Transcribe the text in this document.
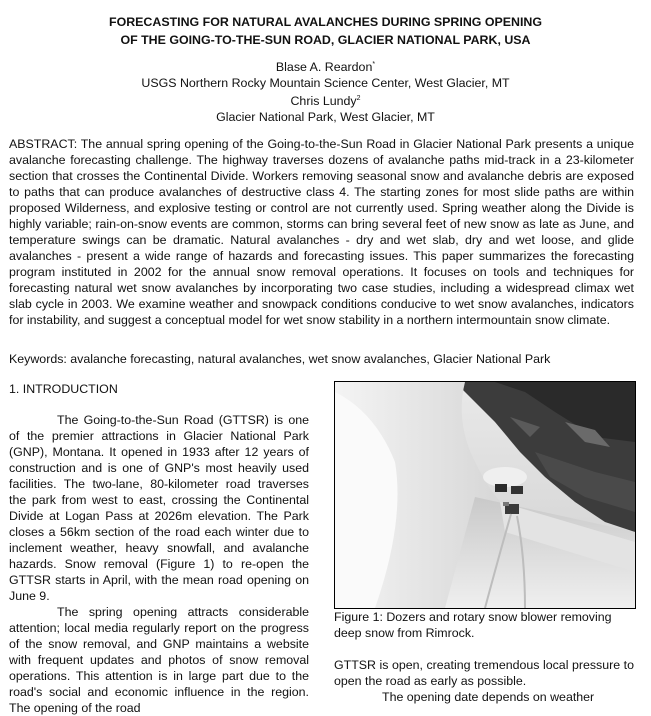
FORECASTING FOR NATURAL AVALANCHES DURING SPRING OPENING
OF THE GOING-TO-THE-SUN ROAD, GLACIER NATIONAL PARK, USA
Blase A. Reardon*
USGS Northern Rocky Mountain Science Center, West Glacier, MT
Chris Lundy$^2$
Glacier National Park, West Glacier, MT

ABSTRACT: The annual spring opening of the Going-to-the-Sun Road in Glacier National Park presents a unique avalanche forecasting challenge. The highway traverses dozens of avalanche paths mid-track in a 23-kilometer section that crosses the Continental Divide. Workers removing seasonal snow and avalanche debris are exposed to paths that can produce avalanches of destructive class 4. The starting zones for most slide paths are within proposed Wilderness, and explosive testing or control are not currently used. Spring weather along the Divide is highly variable; rain-on-snow events are common, storms can bring several feet of new snow as late as June, and temperature swings can be dramatic. Natural avalanches - dry and wet slab, dry and wet loose, and glide avalanches - present a wide range of hazards and forecasting issues. This paper summarizes the forecasting program instituted in 2002 for the annual snow removal operations. It focuses on tools and techniques for forecasting natural wet snow avalanches by incorporating two case studies, including a widespread climax wet slab cycle in 2003. We examine weather and snowpack conditions conducive to wet snow avalanches, indicators for instability, and suggest a conceptual model for wet snow stability in a northern intermountain snow climate.

Keywords: avalanche forecasting, natural avalanches, wet snow avalanches, Glacier National Park

1. INTRODUCTION

The Going-to-the-Sun Road (GTTSR) is one of the premier attractions in Glacier National Park (GNP), Montana. It opened in 1933 after 12 years of construction and is one of GNP's most heavily used facilities. The two-lane, 80-kilometer road traverses the park from west to east, crossing the Continental Divide at Logan Pass at 2026m elevation. The Park closes a 56km section of the road each winter due to inclement weather, heavy snowfall, and avalanche hazards. Snow removal (Figure 1) to re-open the GTTSR starts in April, with the mean road opening on June 9.

The spring opening attracts considerable attention; local media regularly report on the progress of the snow removal, and GNP maintains a website with frequent updates and photos of snow removal operations. This attention is in large part due to the road's social and economic influence in the region. The opening of the road

Figure 1: Dozers and rotary snow blower removing deep snow from Rimrock.

GTTSR is open, creating tremendous local pressure to open the road as early as possible.

The opening date depends on weather
